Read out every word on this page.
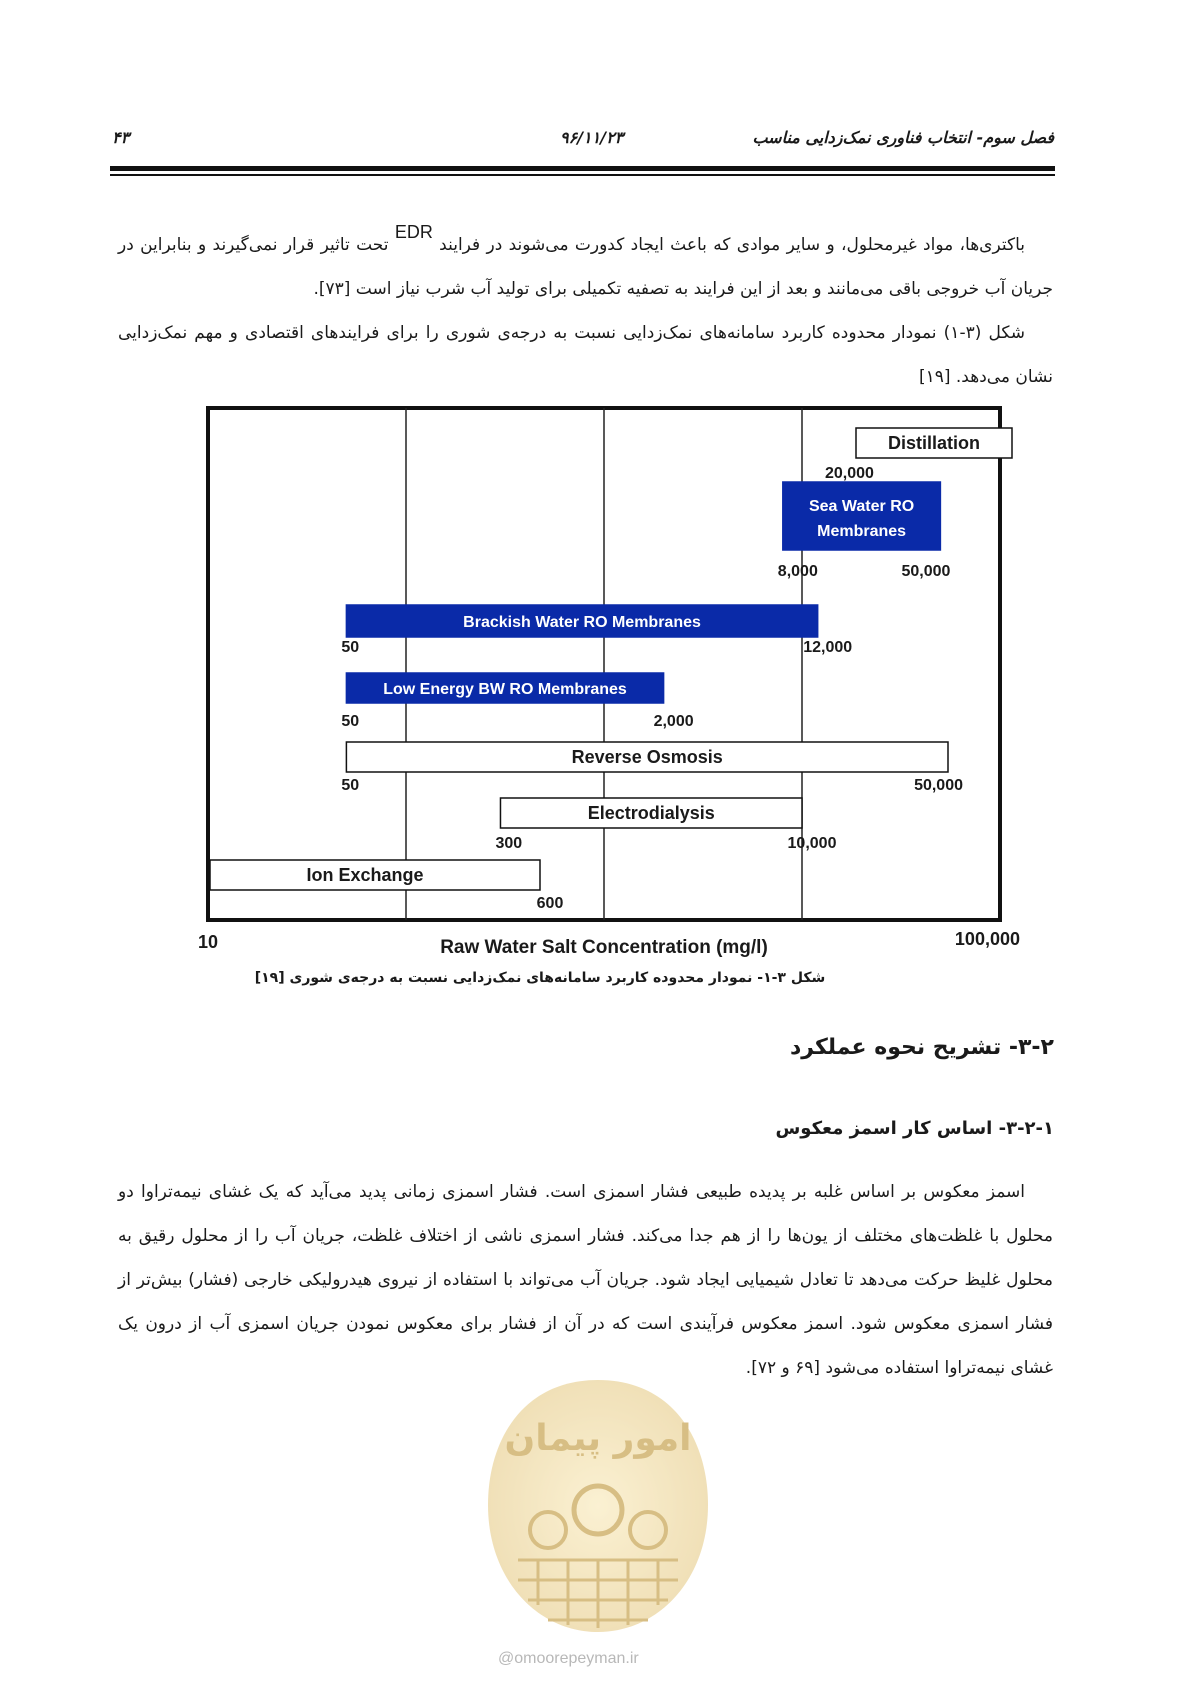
۴۳	۹۶/۱۱/۲۳	فصل سوم- انتخاب فناوری نمک‌زدایی مناسب

باکتری‌ها، مواد غیرمحلول، و سایر موادی که باعث ایجاد کدورت می‌شوند در فرایند EDR تحت تاثیر قرار نمی‌گیرند و بنابراین در جریان آب خروجی باقی می‌مانند و بعد از این فرایند به تصفیه تکمیلی برای تولید آب شرب نیاز است [۷۳].

شکل (۳-۱) نمودار محدوده کاربرد سامانه‌های نمک‌زدایی نسبت به درجه‌ی شوری را برای فرایندهای اقتصادی و مهم نمک‌زدایی نشان می‌دهد. [۱۹]

10	100,000
Raw Water Salt Concentration (mg/l)
Distillation
20,000
Sea Water RO
Membranes
8,000	50,000
Brackish Water RO Membranes
50	12,000
Low Energy BW RO Membranes
50	2,000
Reverse Osmosis
50	50,000
Electrodialysis
300	10,000
Ion Exchange
600
شکل ۳-۱- نمودار محدوده کاربرد سامانه‌های نمک‌زدایی نسبت به درجه‌ی شوری [۱۹]
۳-۲- تشریح نحوه عملکرد
۳-۲-۱- اساس کار اسمز معکوس

اسمز معکوس بر اساس غلبه بر پدیده طبیعی فشار اسمزی است. فشار اسمزی زمانی پدید می‌آید که یک غشای نیمه‌تراوا دو محلول با غلظت‌های مختلف از یون‌ها را از هم جدا می‌کند. فشار اسمزی ناشی از اختلاف غلظت، جریان آب را از محلول رقیق به محلول غلیظ حرکت می‌دهد تا تعادل شیمیایی ایجاد شود. جریان آب می‌تواند با استفاده از نیروی هیدرولیکی خارجی (فشار) بیش‌تر از فشار اسمزی معکوس شود. اسمز معکوس فرآیندی است که در آن از فشار برای معکوس نمودن جریان اسمزی آب از درون یک غشای نیمه‌تراوا استفاده می‌شود [۶۹ و ۷۲].

امور پیمان
@omoorepeyman.ir
